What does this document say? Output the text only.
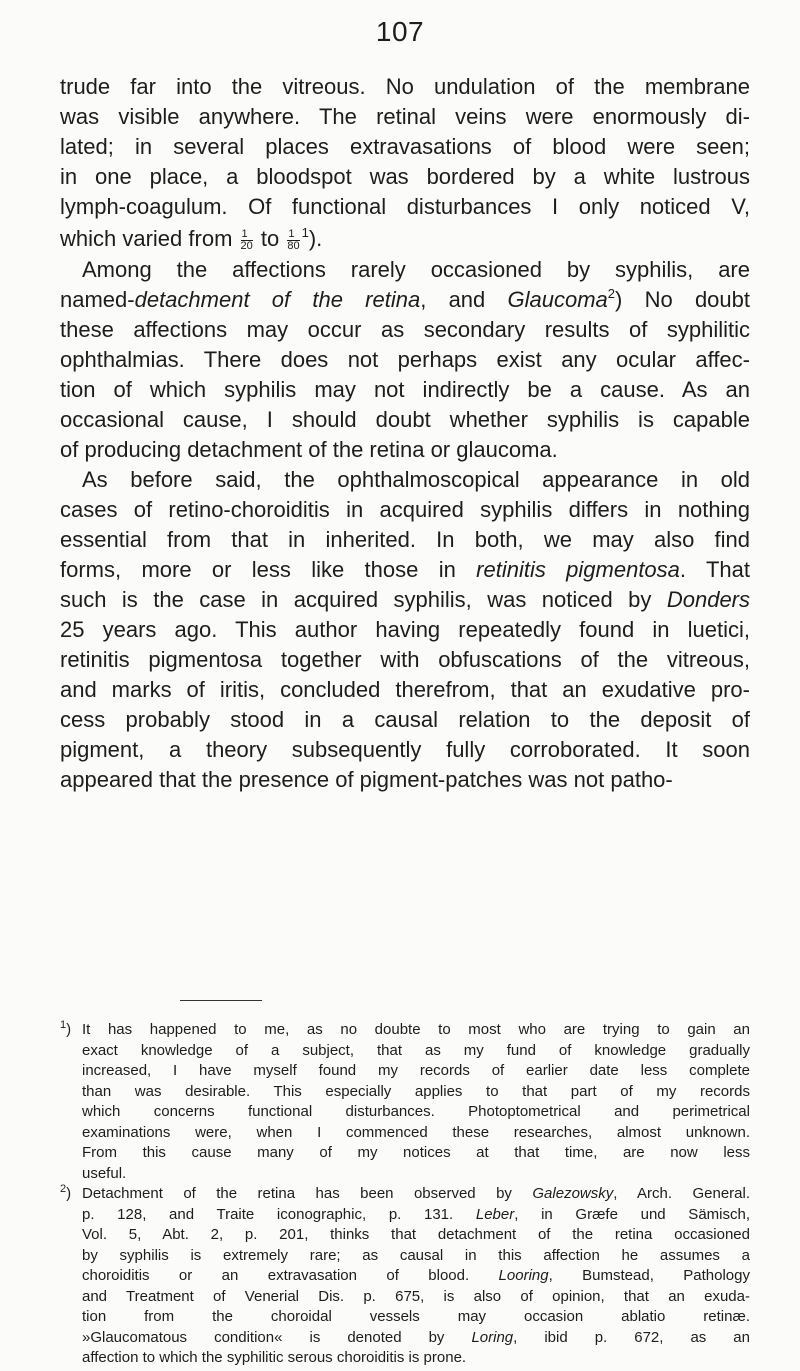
107
trude far into the vitreous. No undulation of the membrane
was visible anywhere. The retinal veins were enormously di-
lated; in several places extravasations of blood were seen;
in one place, a bloodspot was bordered by a white lustrous
lymph-coagulum. Of functional disturbances I only noticed V,
which varied from $\frac{1}{20}$ to $\frac{1}{80} ^1$).
Among the affections rarely occasioned by syphilis, are
named-detachment of the retina, and Glaucoma$^2$) No doubt
these affections may occur as secondary results of syphilitic
ophthalmias. There does not perhaps exist any ocular affec-
tion of which syphilis may not indirectly be a cause. As an
occasional cause, I should doubt whether syphilis is capable
of producing detachment of the retina or glaucoma.
As before said, the ophthalmoscopical appearance in old
cases of retino-choroiditis in acquired syphilis differs in nothing
essential from that in inherited. In both, we may also find
forms, more or less like those in retinitis pigmentosa. That
such is the case in acquired syphilis, was noticed by Donders
25 years ago. This author having repeatedly found in luetici,
retinitis pigmentosa together with obfuscations of the vitreous,
and marks of iritis, concluded therefrom, that an exudative pro-
cess probably stood in a causal relation to the deposit of
pigment, a theory subsequently fully corroborated. It soon
appeared that the presence of pigment-patches was not patho-
$^1$) It has happened to me, as no doubte to most who are trying to gain an
exact knowledge of a subject, that as my fund of knowledge gradually
increased, I have myself found my records of earlier date less complete
than was desirable. This especially applies to that part of my records
which concerns functional disturbances. Photoptometrical and perimetrical
examinations were, when I commenced these researches, almost unknown.
From this cause many of my notices at that time, are now less
useful.
$^2$) Detachment of the retina has been observed by Galezowsky, Arch. General.
p. 128, and Traite iconographic, p. 131. Leber, in Græfe und Sämisch,
Vol. 5, Abt. 2, p. 201, thinks that detachment of the retina occasioned
by syphilis is extremely rare; as causal in this affection he assumes a
choroiditis or an extravasation of blood. Looring, Bumstead, Pathology
and Treatment of Venerial Dis. p. 675, is also of opinion, that an exuda-
tion from the choroidal vessels may occasion ablatio retinæ.
»Glaucomatous condition« is denoted by Loring, ibid p. 672, as an
affection to which the syphilitic serous choroiditis is prone.
